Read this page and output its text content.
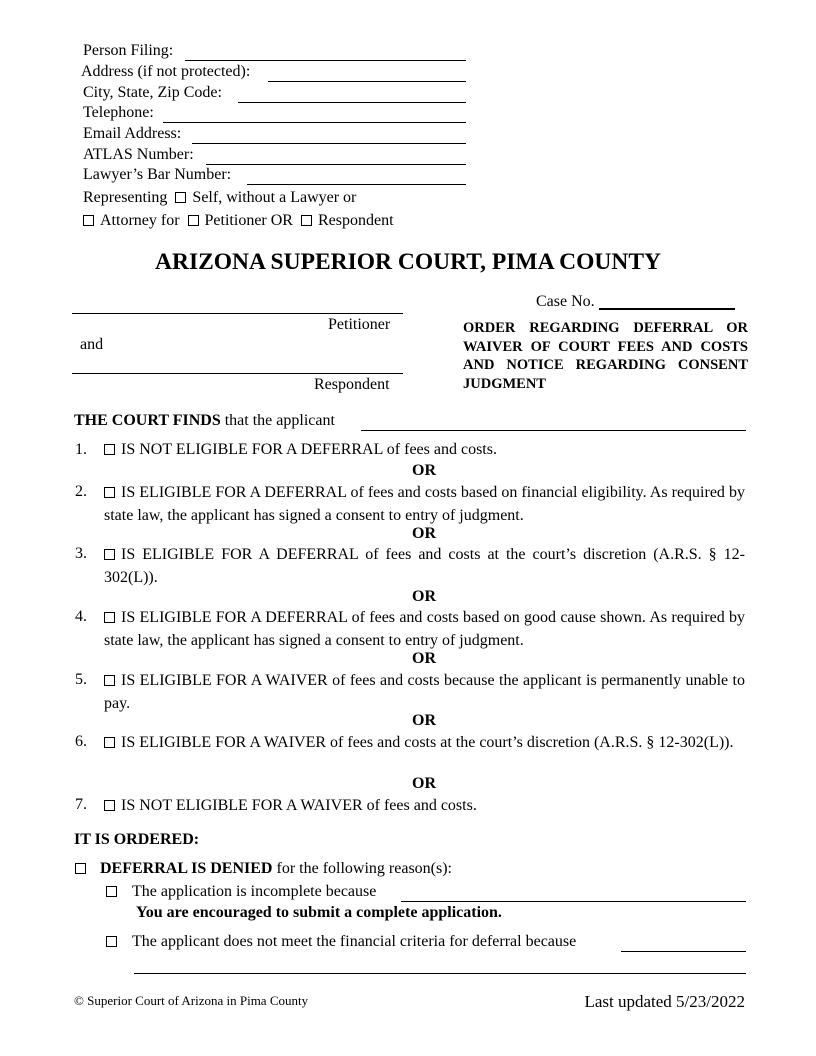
Person Filing:
Address (if not protected):
City, State, Zip Code:
Telephone:
Email Address:
ATLAS Number:
Lawyer’s Bar Number:
Representing Self, without a Lawyer or
Attorney for Petitioner OR Respondent
ARIZONA SUPERIOR COURT, PIMA COUNTY
Petitioner
and
Respondent
Case No.
ORDER REGARDING DEFERRAL OR WAIVER OF COURT FEES AND COSTS AND NOTICE REGARDING CONSENT JUDGMENT
THE COURT FINDS that the applicant
1.	IS NOT ELIGIBLE FOR A DEFERRAL of fees and costs.
OR
2.	IS ELIGIBLE FOR A DEFERRAL of fees and costs based on financial eligibility. As required by state law, the applicant has signed a consent to entry of judgment.
OR
3.	IS ELIGIBLE FOR A DEFERRAL of fees and costs at the court’s discretion (A.R.S. § 12-302(L)).
OR
4.	IS ELIGIBLE FOR A DEFERRAL of fees and costs based on good cause shown. As required by state law, the applicant has signed a consent to entry of judgment.
OR
5.	IS ELIGIBLE FOR A WAIVER of fees and costs because the applicant is permanently unable to pay.
OR
6.	IS ELIGIBLE FOR A WAIVER of fees and costs at the court’s discretion (A.R.S. § 12-302(L)).
OR
7.	IS NOT ELIGIBLE FOR A WAIVER of fees and costs.
IT IS ORDERED:
DEFERRAL IS DENIED for the following reason(s):
The application is incomplete because
You are encouraged to submit a complete application.
The applicant does not meet the financial criteria for deferral because
© Superior Court of Arizona in Pima County	Last updated 5/23/2022
